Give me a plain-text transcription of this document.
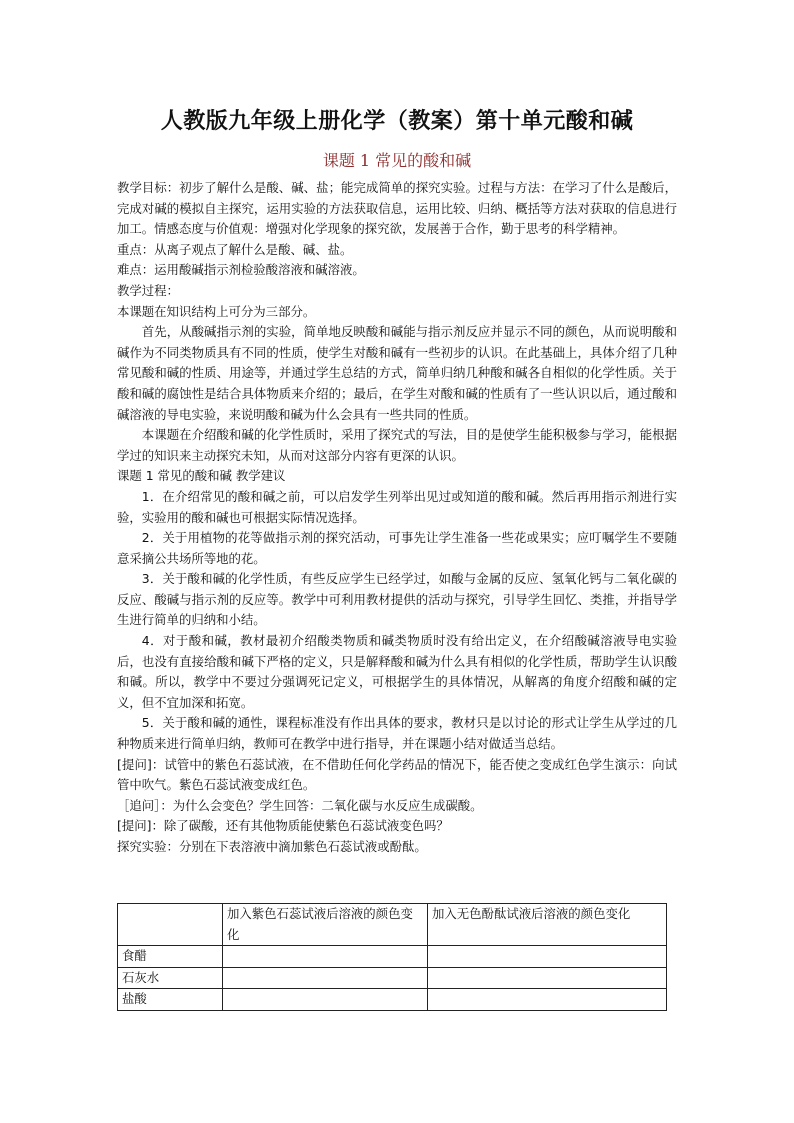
人教版九年级上册化学（教案）第十单元酸和碱
课题 1 常见的酸和碱

教学目标：初步了解什么是酸、碱、盐；能完成简单的探究实验。过程与方法：在学习了什么是酸后，完成对碱的模拟自主探究，运用实验的方法获取信息，运用比较、归纳、概括等方法对获取的信息进行加工。情感态度与价值观：增强对化学现象的探究欲，发展善于合作，勤于思考的科学精神。

重点：从离子观点了解什么是酸、碱、盐。

难点：运用酸碱指示剂检验酸溶液和碱溶液。

教学过程：

本课题在知识结构上可分为三部分。

首先，从酸碱指示剂的实验，简单地反映酸和碱能与指示剂反应并显示不同的颜色，从而说明酸和碱作为不同类物质具有不同的性质，使学生对酸和碱有一些初步的认识。在此基础上，具体介绍了几种常见酸和碱的性质、用途等，并通过学生总结的方式，简单归纳几种酸和碱各自相似的化学性质。关于酸和碱的腐蚀性是结合具体物质来介绍的；最后，在学生对酸和碱的性质有了一些认识以后，通过酸和碱溶液的导电实验，来说明酸和碱为什么会具有一些共同的性质。

本课题在介绍酸和碱的化学性质时，采用了探究式的写法，目的是使学生能积极参与学习，能根据学过的知识来主动探究未知，从而对这部分内容有更深的认识。

课题 1 常见的酸和碱 教学建议

1．在介绍常见的酸和碱之前，可以启发学生列举出见过或知道的酸和碱。然后再用指示剂进行实验，实验用的酸和碱也可根据实际情况选择。

2．关于用植物的花等做指示剂的探究活动，可事先让学生准备一些花或果实；应叮嘱学生不要随意采摘公共场所等地的花。

3．关于酸和碱的化学性质，有些反应学生已经学过，如酸与金属的反应、氢氧化钙与二氧化碳的反应、酸碱与指示剂的反应等。教学中可利用教材提供的活动与探究，引导学生回忆、类推，并指导学生进行简单的归纳和小结。

4．对于酸和碱，教材最初介绍酸类物质和碱类物质时没有给出定义，在介绍酸碱溶液导电实验后，也没有直接给酸和碱下严格的定义，只是解释酸和碱为什么具有相似的化学性质，帮助学生认识酸和碱。所以，教学中不要过分强调死记定义，可根据学生的具体情况，从解离的角度介绍酸和碱的定义，但不宜加深和拓宽。

5．关于酸和碱的通性，课程标准没有作出具体的要求，教材只是以讨论的形式让学生从学过的几种物质来进行简单归纳，教师可在教学中进行指导，并在课题小结对做适当总结。

[提问]：试管中的紫色石蕊试液，在不借助任何化学药品的情况下，能否使之变成红色学生演示：向试管中吹气。紫色石蕊试液变成红色。

［追问］：为什么会变色？学生回答：二氧化碳与水反应生成碳酸。

[提问]：除了碳酸，还有其他物质能使紫色石蕊试液变色吗？

探究实验：分别在下表溶液中滴加紫色石蕊试液或酚酞。

	加入紫色石蕊试液后溶液的颜色变化	加入无色酚酞试液后溶液的颜色变化
食醋		
石灰水		
盐酸		
